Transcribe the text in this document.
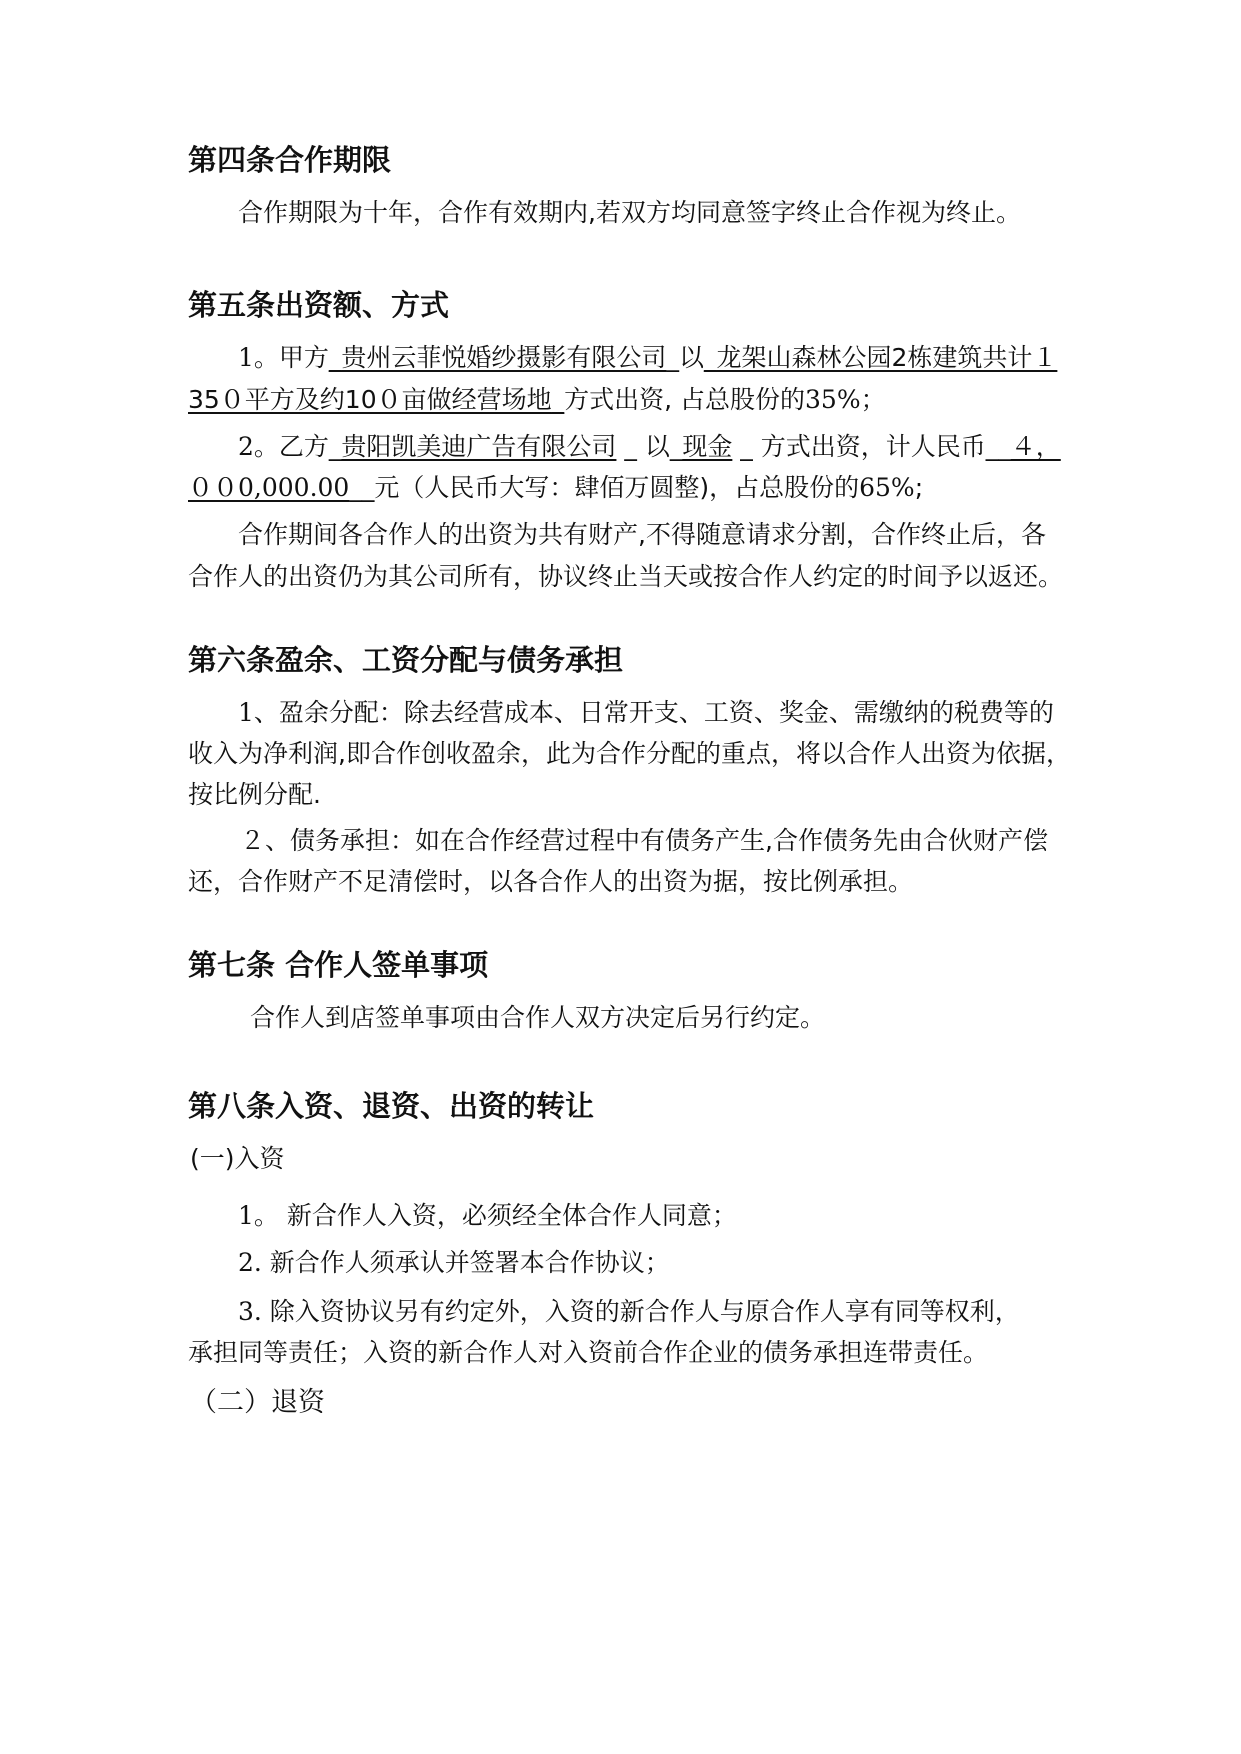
第四条合作期限
合作期限为十年，合作有效期内,若双方均同意签字终止合作视为终止。
第五条出资额、方式
1。甲方_贵州云菲悦婚纱摄影有限公司_以_龙架山森林公园2栋建筑共计１
35０平方及约10０亩做经营场地_方式出资, 占总股份的35%；
2。乙方_贵阳凯美迪广告有限公司 _ 以_现金 _ 方式出资，计人民币__４，
００0,000.00__元（人民币大写：肆佰万圆整)，占总股份的65%;
合作期间各合作人的出资为共有财产,不得随意请求分割，合作终止后，各
合作人的出资仍为其公司所有，协议终止当天或按合作人约定的时间予以返还。
第六条盈余、工资分配与债务承担
1、盈余分配：除去经营成本、日常开支、工资、奖金、需缴纳的税费等的
收入为净利润,即合作创收盈余，此为合作分配的重点，将以合作人出资为依据，
按比例分配.
２、债务承担：如在合作经营过程中有债务产生,合作债务先由合伙财产偿
还，合作财产不足清偿时，以各合作人的出资为据，按比例承担。
第七条 合作人签单事项
合作人到店签单事项由合作人双方决定后另行约定。
第八条入资、退资、出资的转让
(一)入资
1。 新合作人入资，必须经全体合作人同意；
2. 新合作人须承认并签署本合作协议；
3. 除入资协议另有约定外，入资的新合作人与原合作人享有同等权利，
承担同等责任；入资的新合作人对入资前合作企业的债务承担连带责任。
（二）退资
